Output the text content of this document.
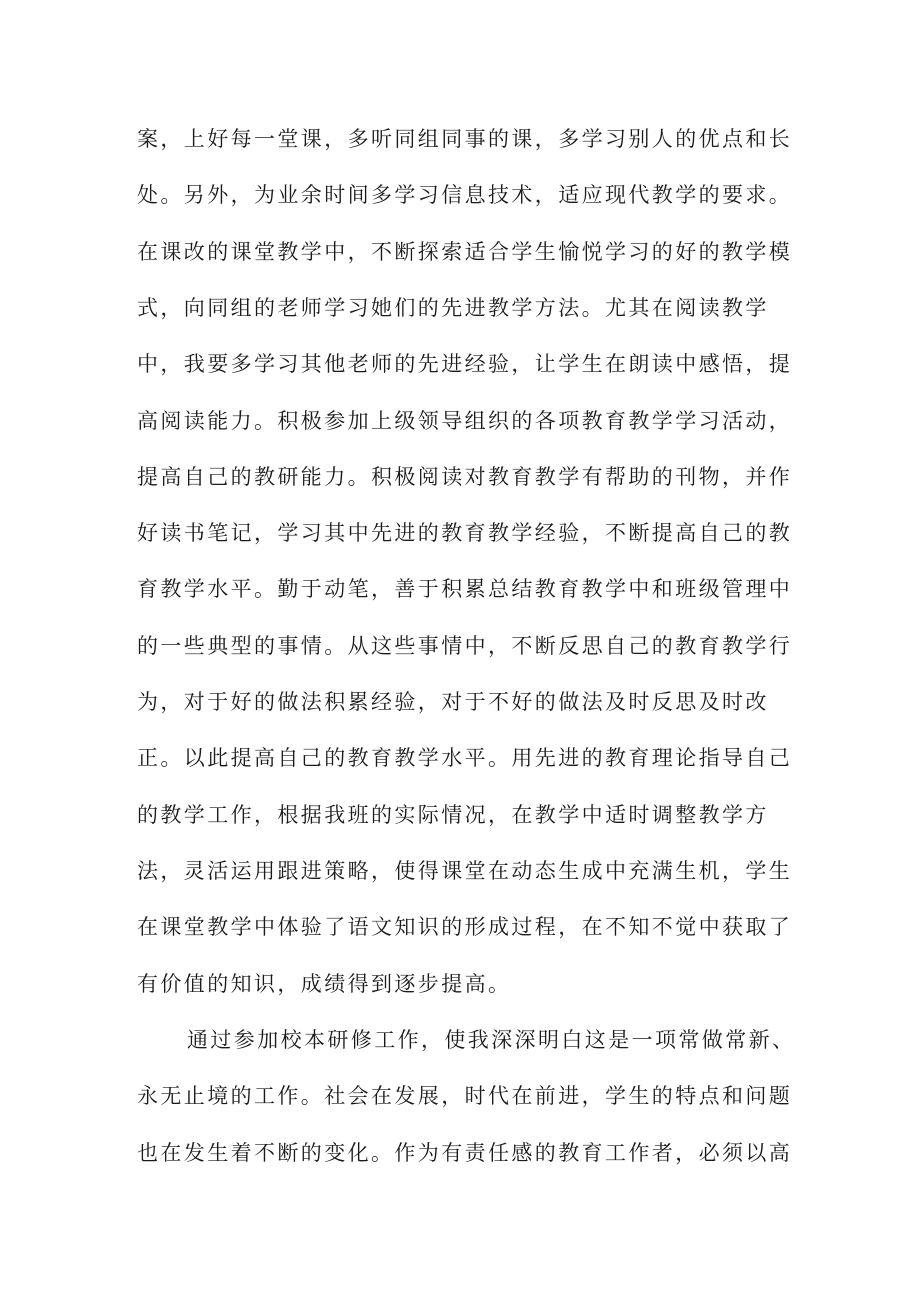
案，上好每一堂课，多听同组同事的课，多学习别人的优点和长
处。另外，为业余时间多学习信息技术，适应现代教学的要求。
在课改的课堂教学中，不断探索适合学生愉悦学习的好的教学模
式，向同组的老师学习她们的先进教学方法。尤其在阅读教学
中，我要多学习其他老师的先进经验，让学生在朗读中感悟，提
高阅读能力。积极参加上级领导组织的各项教育教学学习活动，
提高自己的教研能力。积极阅读对教育教学有帮助的刊物，并作
好读书笔记，学习其中先进的教育教学经验，不断提高自己的教
育教学水平。勤于动笔，善于积累总结教育教学中和班级管理中
的一些典型的事情。从这些事情中，不断反思自己的教育教学行
为，对于好的做法积累经验，对于不好的做法及时反思及时改
正。以此提高自己的教育教学水平。用先进的教育理论指导自己
的教学工作，根据我班的实际情况，在教学中适时调整教学方
法，灵活运用跟进策略，使得课堂在动态生成中充满生机，学生
在课堂教学中体验了语文知识的形成过程，在不知不觉中获取了
有价值的知识，成绩得到逐步提高。
通过参加校本研修工作，使我深深明白这是一项常做常新、
永无止境的工作。社会在发展，时代在前进，学生的特点和问题
也在发生着不断的变化。作为有责任感的教育工作者，必须以高
